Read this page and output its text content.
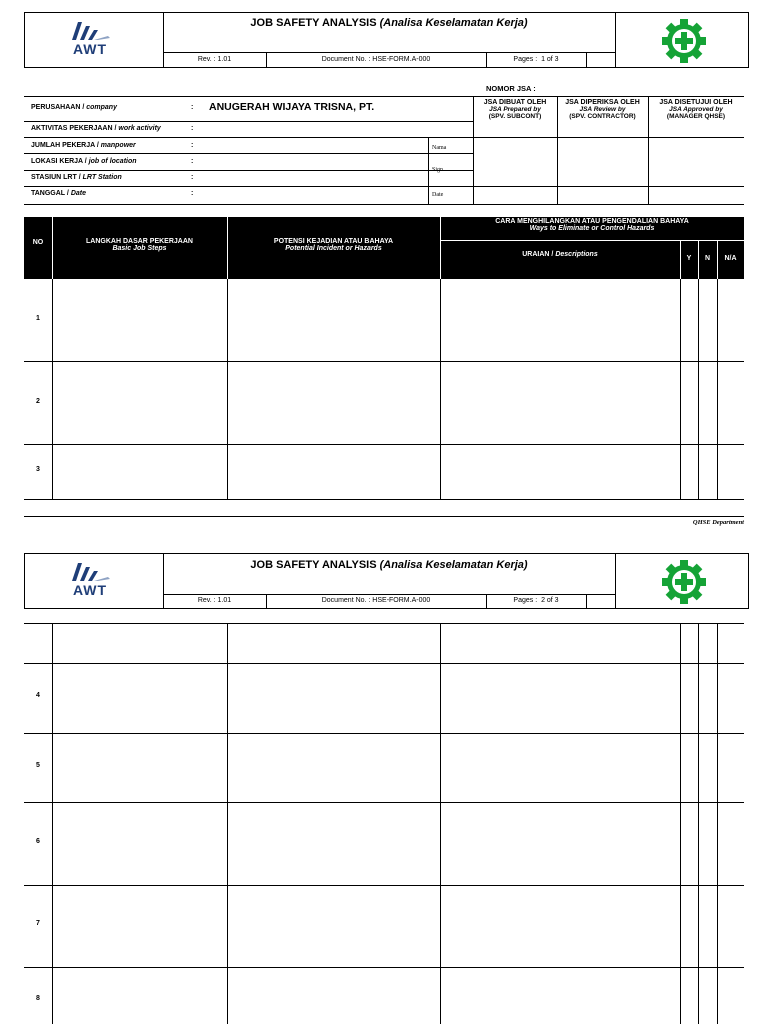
AWT
JOB SAFETY ANALYSIS (Analisa Keselamatan Kerja)
Rev. : 1.01	Document No. : HSE-FORM.A-000	Pages : 1 of 3
NOMOR JSA :
PERUSAHAAN / company	: ANUGERAH WIJAYA TRISNA, PT.
AKTIVITAS PEKERJAAN / work activity	:
JUMLAH PEKERJA / manpower	:
LOKASI KERJA / job of location	:
STASIUN LRT / LRT Station	:
TANGGAL / Date	:
Nama
Sign
Date
JSA DIBUAT OLEH
JSA Prepared by
(SPV. SUBCONT)
JSA DIPERIKSA OLEH
JSA Review by
(SPV. CONTRACTOR)
JSA DISETUJUI OLEH
JSA Approved by
(MANAGER QHSE)
NO	LANGKAH DASAR PEKERJAAN
Basic Job Steps
POTENSI KEJADIAN ATAU BAHAYA
Potential Incident or Hazards
CARA MENGHILANGKAN ATAU PENGENDALIAN BAHAYA
Ways to Eliminate or Control Hazards
URAIAN / Descriptions
Y	N	N/A
1
2
3
QHSE Department
AWT
JOB SAFETY ANALYSIS (Analisa Keselamatan Kerja)
Rev. : 1.01	Document No. : HSE-FORM.A-000	Pages : 2 of 3
4
5
6
7
8
